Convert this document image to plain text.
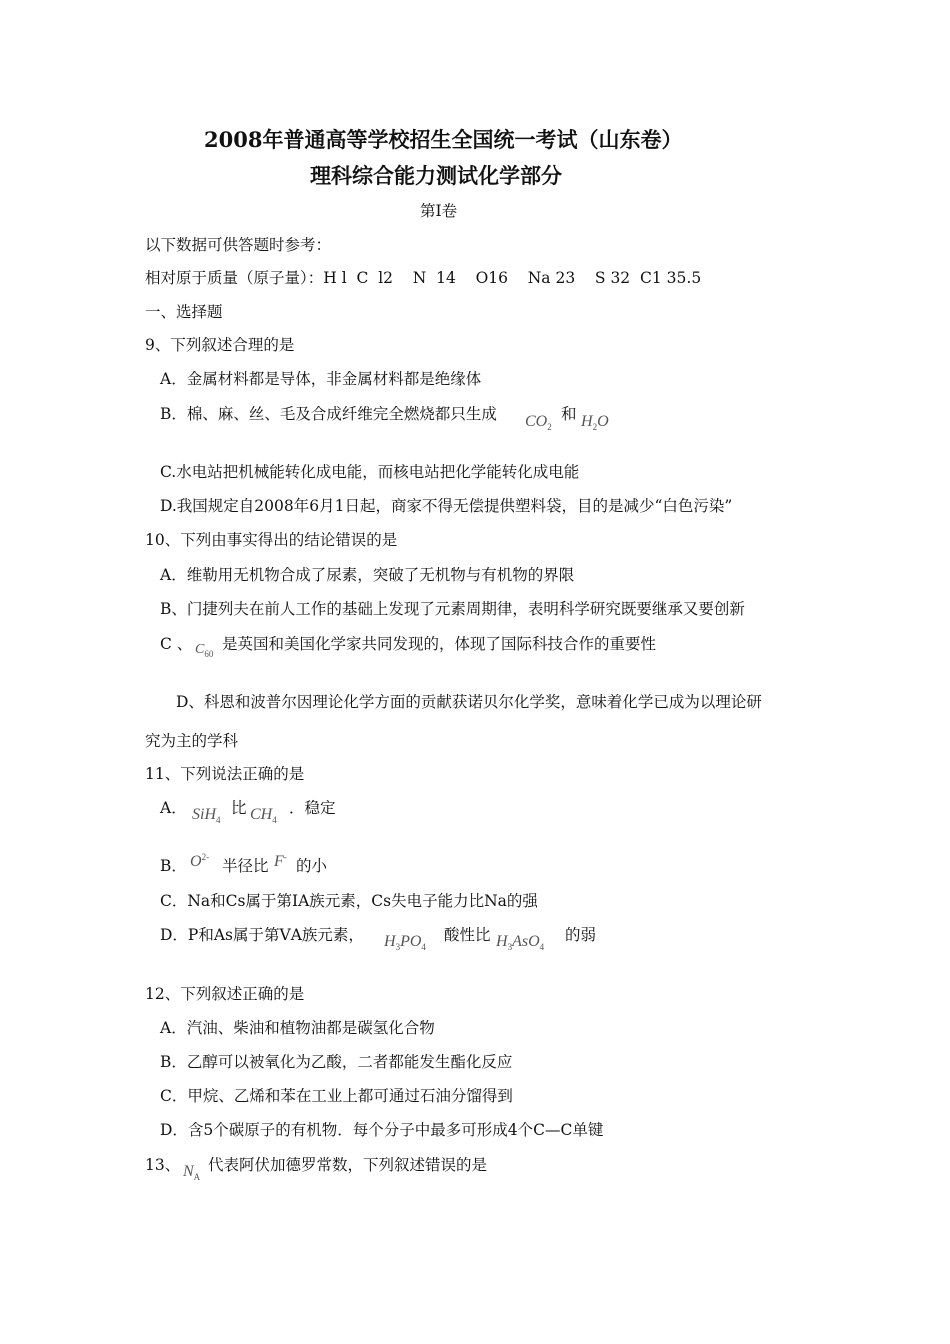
2008年普通高等学校招生全国统一考试（山东卷）
理科综合能力测试化学部分
第Ⅰ卷
以下数据可供答题时参考：
相对原于质量（原子量）：H l  C  l2    N  14    O16    Na 23    S 32  C1 35.5
一、选择题
9、下列叙述合理的是
A．金属材料都是导体，非金属材料都是绝缘体
B．棉、麻、丝、毛及合成纤维完全燃烧都只生成 $CO_2$
和 $H_2O$
C.水电站把机械能转化成电能，而核电站把化学能转化成电能
D.我国规定自2008年6月1日起，商家不得无偿提供塑料袋，目的是减少“白色污染”
10、下列由事实得出的结论错误的是
A．维勒用无机物合成了尿素，突破了无机物与有机物的界限
B、门捷列夫在前人工作的基础上发现了元素周期律，表明科学研究既要继承又要创新
C 、 $C_{60}$
是英国和美国化学家共同发现的，体现了国际科技合作的重要性
D、科恩和波普尔因理论化学方面的贡献获诺贝尔化学奖，意味着化学已成为以理论研
究为主的学科
11、下列说法正确的是
A． SiH$_4$
比 $CH_4$
．稳定
B． $O^{2-}$ 半径比 F- 的小
C．Na和Cs属于第ⅠA族元素，Cs失电子能力比Na的强
D．P和As属于第ⅤA族元素， $H_3PO_4$
酸性比 $H_3AsO_4$
的弱
12、下列叙述正确的是
A．汽油、柴油和植物油都是碳氢化合物
B．乙醇可以被氧化为乙酸，二者都能发生酯化反应
C．甲烷、乙烯和苯在工业上都可通过石油分馏得到
D．含5个碳原子的有机物．每个分子中最多可形成4个C—C单键
13、 $N_A$
代表阿伏加德罗常数，下列叙述错误的是
